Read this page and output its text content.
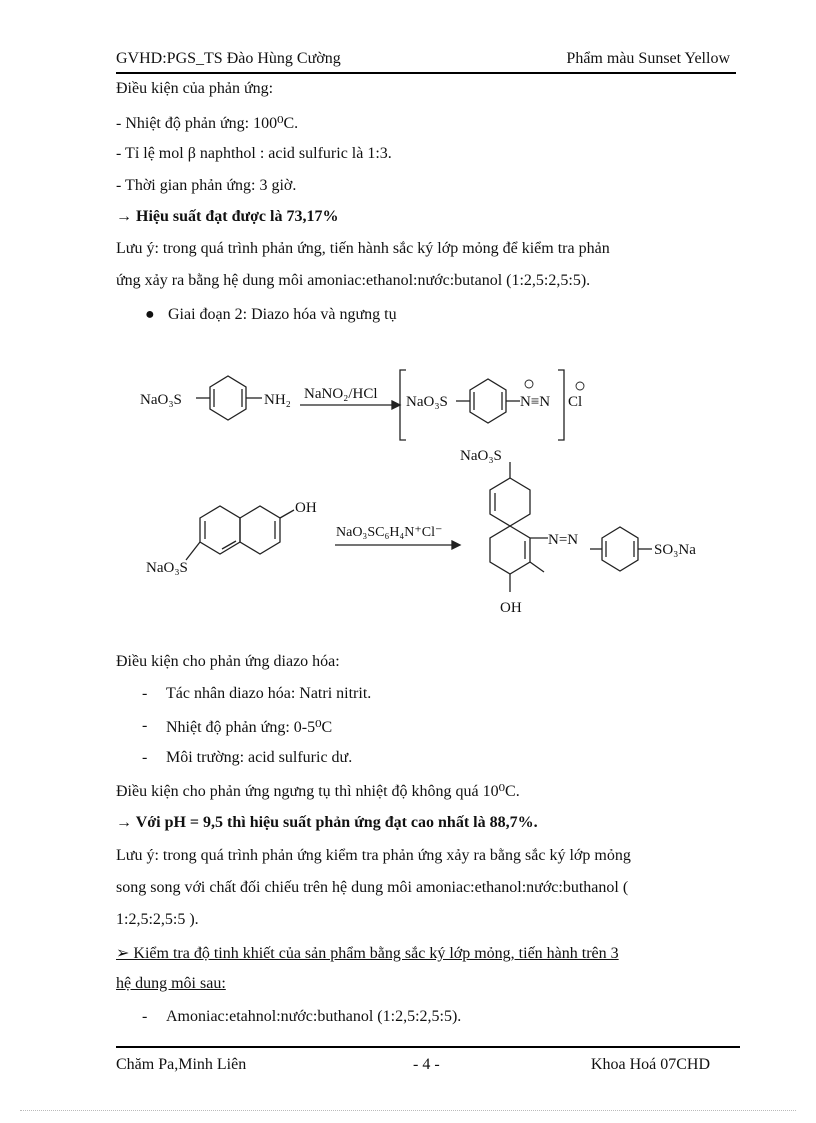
GVHD:PGS_TS Đào Hùng Cường	Phẩm màu Sunset Yellow
Điều kiện của phản ứng:
- Nhiệt độ phản ứng: 100⁰C.
- Tỉ lệ mol β naphthol : acid sulfuric là 1:3.
- Thời gian phản ứng: 3 giờ.
→ Hiệu suất đạt được là 73,17%
Lưu ý: trong quá trình phản ứng, tiến hành sắc ký lớp mỏng để kiểm tra phản
ứng xảy ra bằng hệ dung môi amoniac:ethanol:nước:butanol (1:2,5:2,5:5).
● Giai đoạn 2: Diazo hóa và ngưng tụ
NaO₃S	NH₂ NaNO₂/HCl NaO₃S	N≡N Cl
OH
NaO₃S
NaO₃SC₆H₄N⁺Cl⁻
NaO₃S
N=N
SO₃Na
OH
Điều kiện cho phản ứng diazo hóa:
- Tác nhân diazo hóa: Natri nitrit.
- Nhiệt độ phản ứng: 0-5⁰C
- Môi trường: acid sulfuric dư.
Điều kiện cho phản ứng ngưng tụ thì nhiệt độ không quá 10⁰C.
→ Với pH = 9,5 thì hiệu suất phản ứng đạt cao nhất là 88,7%.
Lưu ý: trong quá trình phản ứng kiểm tra phản ứng xảy ra bằng sắc ký lớp mỏng
song song với chất đối chiếu trên hệ dung môi amoniac:ethanol:nước:buthanol (
1:2,5:2,5:5 ).
➢ Kiểm tra độ tinh khiết của sản phẩm bằng sắc ký lớp mỏng, tiến hành trên 3
hệ dung môi sau:
- Amoniac:etahnol:nước:buthanol (1:2,5:2,5:5).
Chăm Pa,Minh Liên	- 4 -	Khoa Hoá 07CHD
